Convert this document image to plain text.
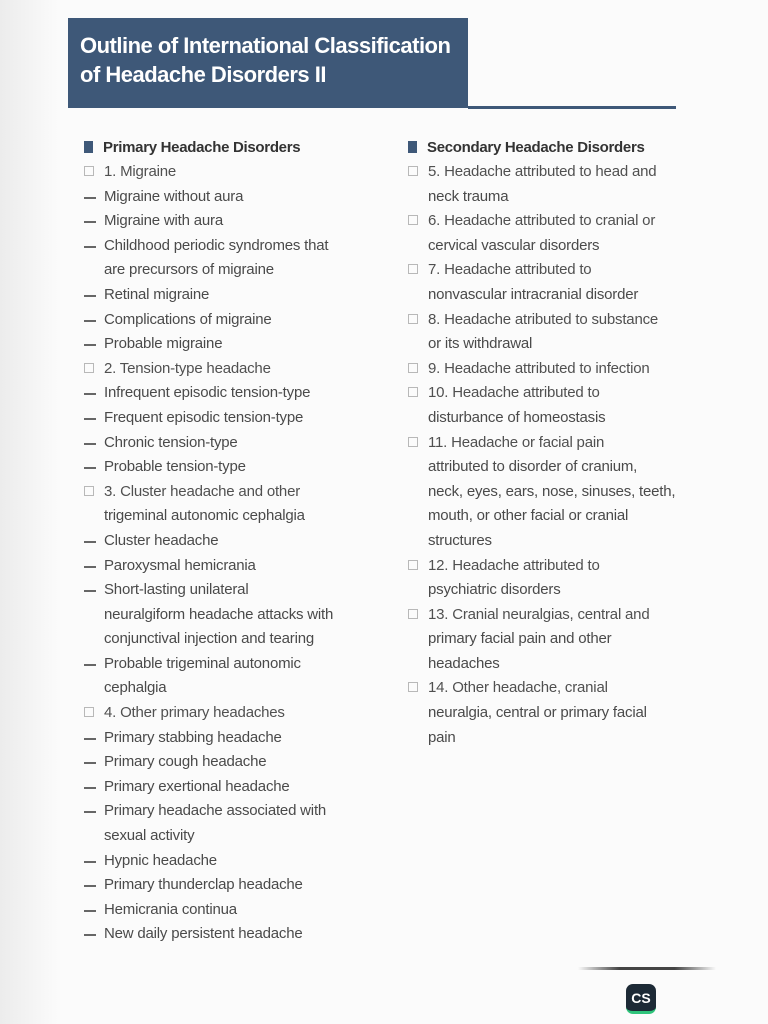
Outline of International Classification
of Headache Disorders II
Primary Headache Disorders
1. Migraine
Migraine without aura
Migraine with aura
Childhood periodic syndromes that
are precursors of migraine
Retinal migraine
Complications of migraine
Probable migraine
2. Tension-type headache
Infrequent episodic tension-type
Frequent episodic tension-type
Chronic tension-type
Probable tension-type
3. Cluster headache and other
trigeminal autonomic cephalgia
Cluster headache
Paroxysmal hemicrania
Short-lasting unilateral
neuralgiform headache attacks with
conjunctival injection and tearing
Probable trigeminal autonomic
cephalgia
4. Other primary headaches
Primary stabbing headache
Primary cough headache
Primary exertional headache
Primary headache associated with
sexual activity
Hypnic headache
Primary thunderclap headache
Hemicrania continua
New daily persistent headache
Secondary Headache Disorders
5. Headache attributed to head and
neck trauma
6. Headache attributed to cranial or
cervical vascular disorders
7. Headache attributed to
nonvascular intracranial disorder
8. Headache atributed to substance
or its withdrawal
9. Headache attributed to infection
10. Headache attributed to
disturbance of homeostasis
11. Headache or facial pain
attributed to disorder of cranium,
neck, eyes, ears, nose, sinuses, teeth,
mouth, or other facial or cranial
structures
12. Headache attributed to
psychiatric disorders
13. Cranial neuralgias, central and
primary facial pain and other
headaches
14. Other headache, cranial
neuralgia, central or primary facial
pain
CS
